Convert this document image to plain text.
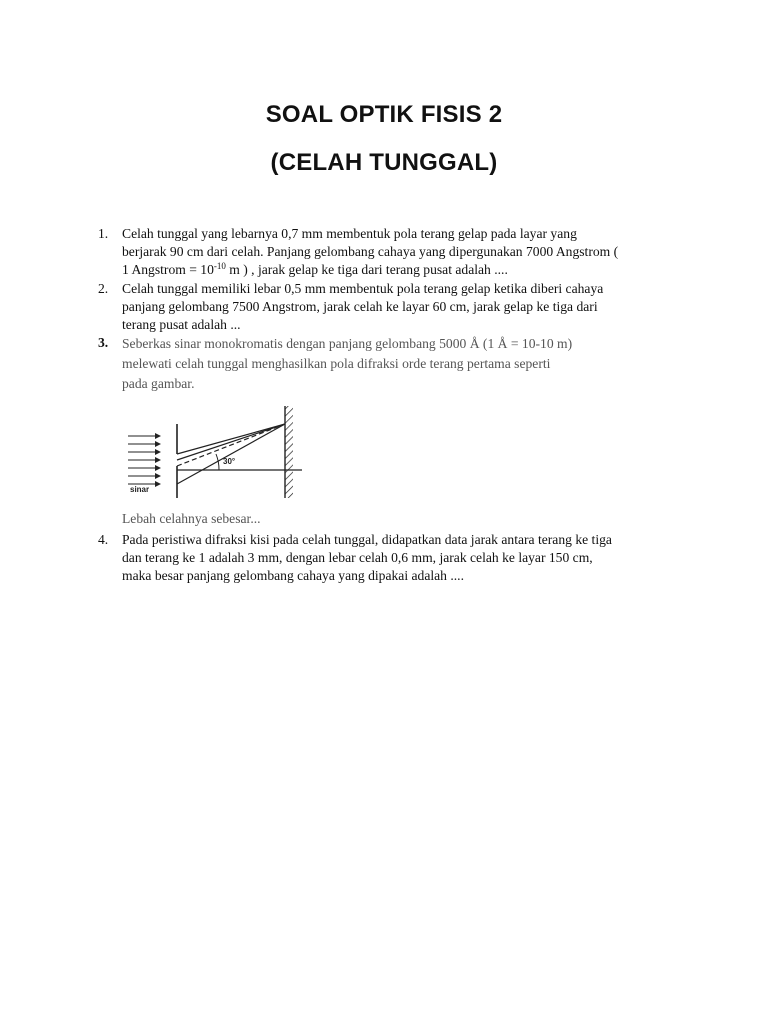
SOAL OPTIK FISIS 2
(CELAH TUNGGAL)
1.	Celah tunggal yang lebarnya 0,7 mm membentuk pola terang gelap pada layar yang
berjarak 90 cm dari celah. Panjang gelombang cahaya yang dipergunakan 7000 Angstrom (
1 Angstrom = $10^{-10}$ m ) , jarak gelap ke tiga dari terang pusat adalah ....
2.	Celah tunggal memiliki lebar 0,5 mm membentuk pola terang gelap ketika diberi cahaya
panjang gelombang 7500 Angstrom, jarak celah ke layar 60 cm, jarak gelap ke tiga dari
terang pusat adalah ...
3.	Seberkas sinar monokromatis dengan panjang gelombang 5000 Å (1 Å = 10-10 m)
melewati celah tunggal menghasilkan pola difraksi orde terang pertama seperti
pada gambar.
30°
sinar
Lebah celahnya sebesar...
4.	Pada peristiwa difraksi kisi pada celah tunggal, didapatkan data jarak antara terang ke tiga
dan terang ke 1 adalah 3 mm, dengan lebar celah 0,6 mm, jarak celah ke layar 150 cm,
maka besar panjang gelombang cahaya yang dipakai adalah ....
